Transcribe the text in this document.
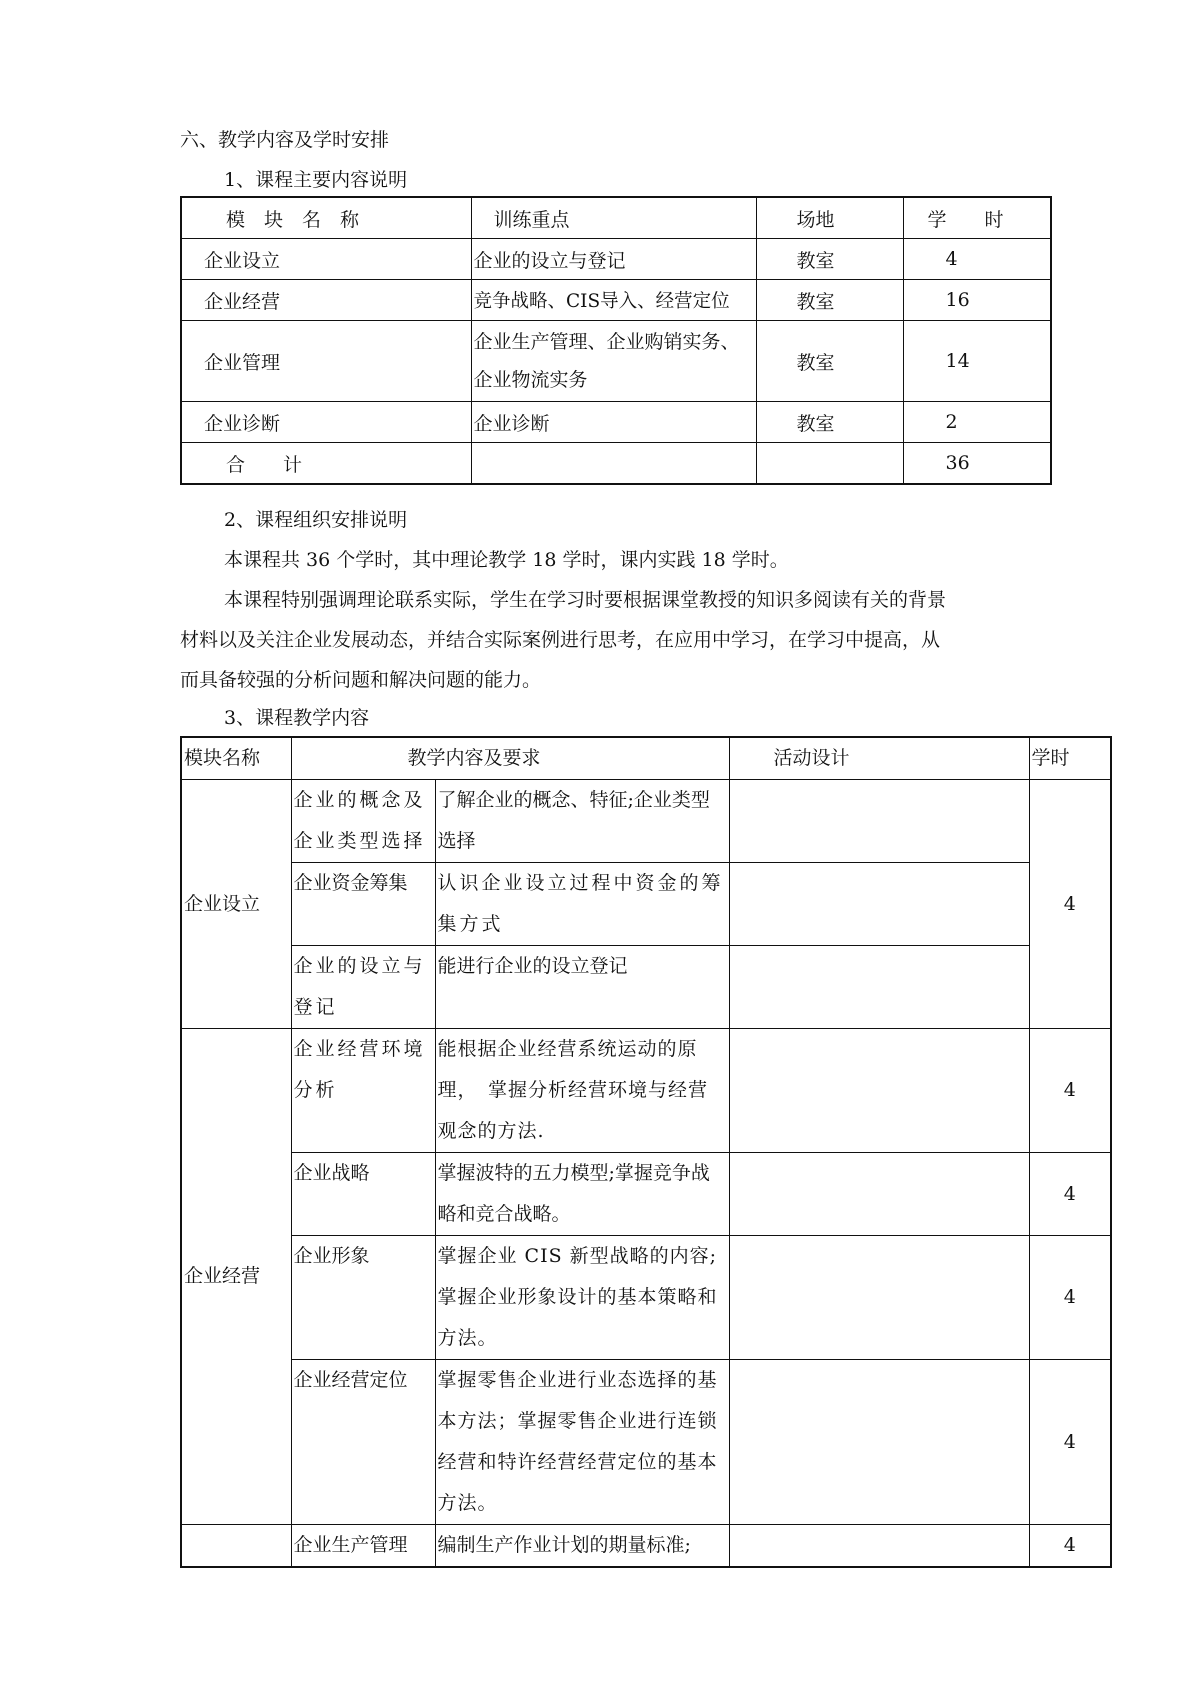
六、教学内容及学时安排
1、课程主要内容说明
模　块　名　称	训练重点	场地	学　　时
企业设立	企业的设立与登记	教室	4
企业经营	竞争战略、CIS导入、经营定位	教室	16
企业管理	企业生产管理、企业购销实务、企业物流实务	教室	14
企业诊断	企业诊断	教室	2
合　　计			36
2、课程组织安排说明
本课程共 36 个学时，其中理论教学 18 学时，课内实践 18 学时。
本课程特别强调理论联系实际，学生在学习时要根据课堂教授的知识多阅读有关的背景
材料以及关注企业发展动态，并结合实际案例进行思考，在应用中学习，在学习中提高，从
而具备较强的分析问题和解决问题的能力。
3、课程教学内容
模块名称	教学内容及要求		活动设计	学时
企业设立	企业的概念及企业类型选择	了解企业的概念、特征;企业类型选择		4
	企业资金筹集	认识企业设立过程中资金的筹集方式		
	企业的设立与登记	能进行企业的设立登记		
企业经营	企业经营环境分析	能根据企业经营系统运动的原理，　掌握分析经营环境与经营观念的方法.		4
	企业战略	掌握波特的五力模型;掌握竞争战略和竞合战略。		4
	企业形象	掌握企业 CIS 新型战略的内容;掌握企业形象设计的基本策略和方法。		4
	企业经营定位	掌握零售企业进行业态选择的基本方法；掌握零售企业进行连锁经营和特许经营经营定位的基本方法。		4
	企业生产管理	编制生产作业计划的期量标准;		4
